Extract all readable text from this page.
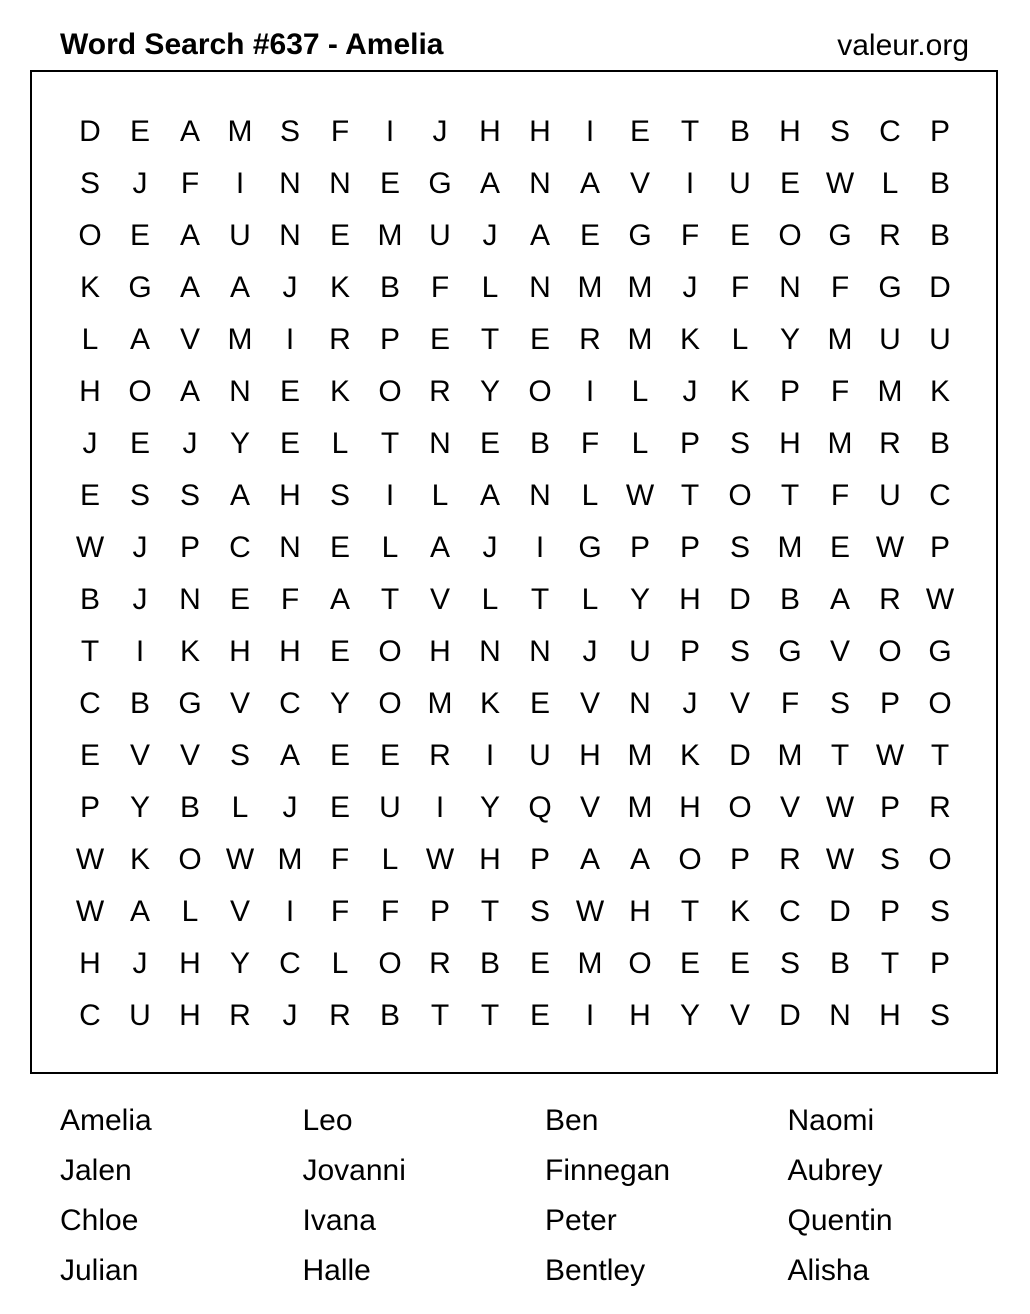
Word Search #637 - Amelia	valeur.org
D E A M S	F	I	J	H H	I	E	T	B H S C P
S	J	F	I	N N E G A N A V	I	U E W L	B
O E A U N E M U	J	A E G F	E O G R B
K G A A	J	K B	F	L	N M M	J	F	N	F G D
L	A V M	I	R P E	T	E R M K	L	Y M U U
H O A N E K O R Y O	I	L	J	K P	F M K
J	E	J	Y E	L	T	N E B	F	L	P S H M R B
E S S A H S	I	L	A N	L W T O T	F	U C
W J	P C N E	L	A	J	I	G P P S M E W P
B	J	N E	F	A	T	V	L	T	L	Y H D B A R W
T	I	K H H E O H N N	J	U P S G V O G
C B G V C Y O M K E V N	J	V	F	S P O
E V V S A E E R	I	U H M K D M T W T
P Y B	L	J	E U	I	Y Q V M H O V W P R
W K O W M F	L W H P A A O P R W S O
W A	L	V	I	F	F	P	T	S W H	T	K C D P S
H	J	H Y C	L O R B E M O E E S B	T	P
C U H R	J	R B	T	T	E	I	H Y V D N H S
Amelia	Leo	Ben	Naomi
Jalen	Jovanni	Finnegan	Aubrey
Chloe	Ivana	Peter	Quentin
Julian	Halle	Bentley	Alisha
